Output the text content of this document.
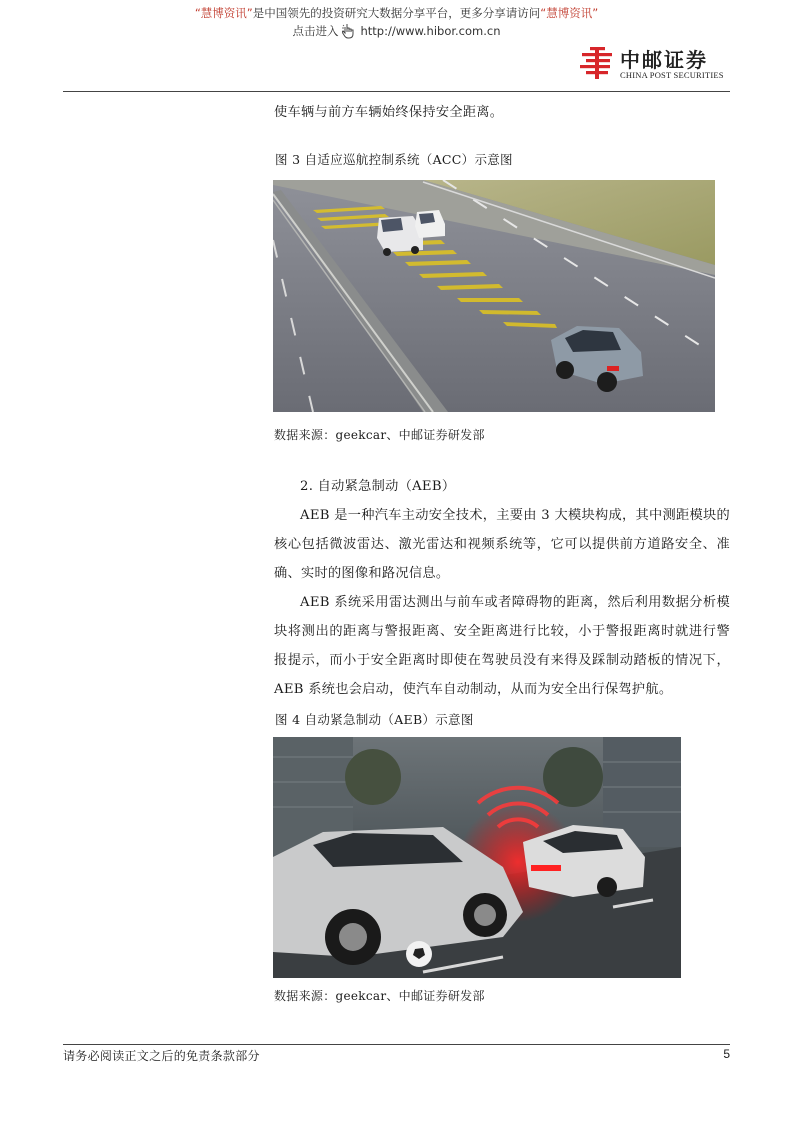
“慧博资讯”是中国领先的投资研究大数据分享平台，更多分享请访问“慧博资讯”
点击进入 http://www.hibor.com.cn
中邮证券
CHINA POST SECURITIES

使车辆与前方车辆始终保持安全距离。

图 3 自适应巡航控制系统（ACC）示意图

数据来源：geekcar、中邮证券研发部

2. 自动紧急制动（AEB）

AEB 是一种汽车主动安全技术，主要由 3 大模块构成，其中测距模块的核心包括微波雷达、激光雷达和视频系统等，它可以提供前方道路安全、准确、实时的图像和路况信息。

AEB 系统采用雷达测出与前车或者障碍物的距离，然后利用数据分析模块将测出的距离与警报距离、安全距离进行比较，小于警报距离时就进行警报提示，而小于安全距离时即使在驾驶员没有来得及踩制动踏板的情况下，AEB 系统也会启动，使汽车自动制动，从而为安全出行保驾护航。

图 4 自动紧急制动（AEB）示意图

数据来源：geekcar、中邮证券研发部

请务必阅读正文之后的免责条款部分	5
